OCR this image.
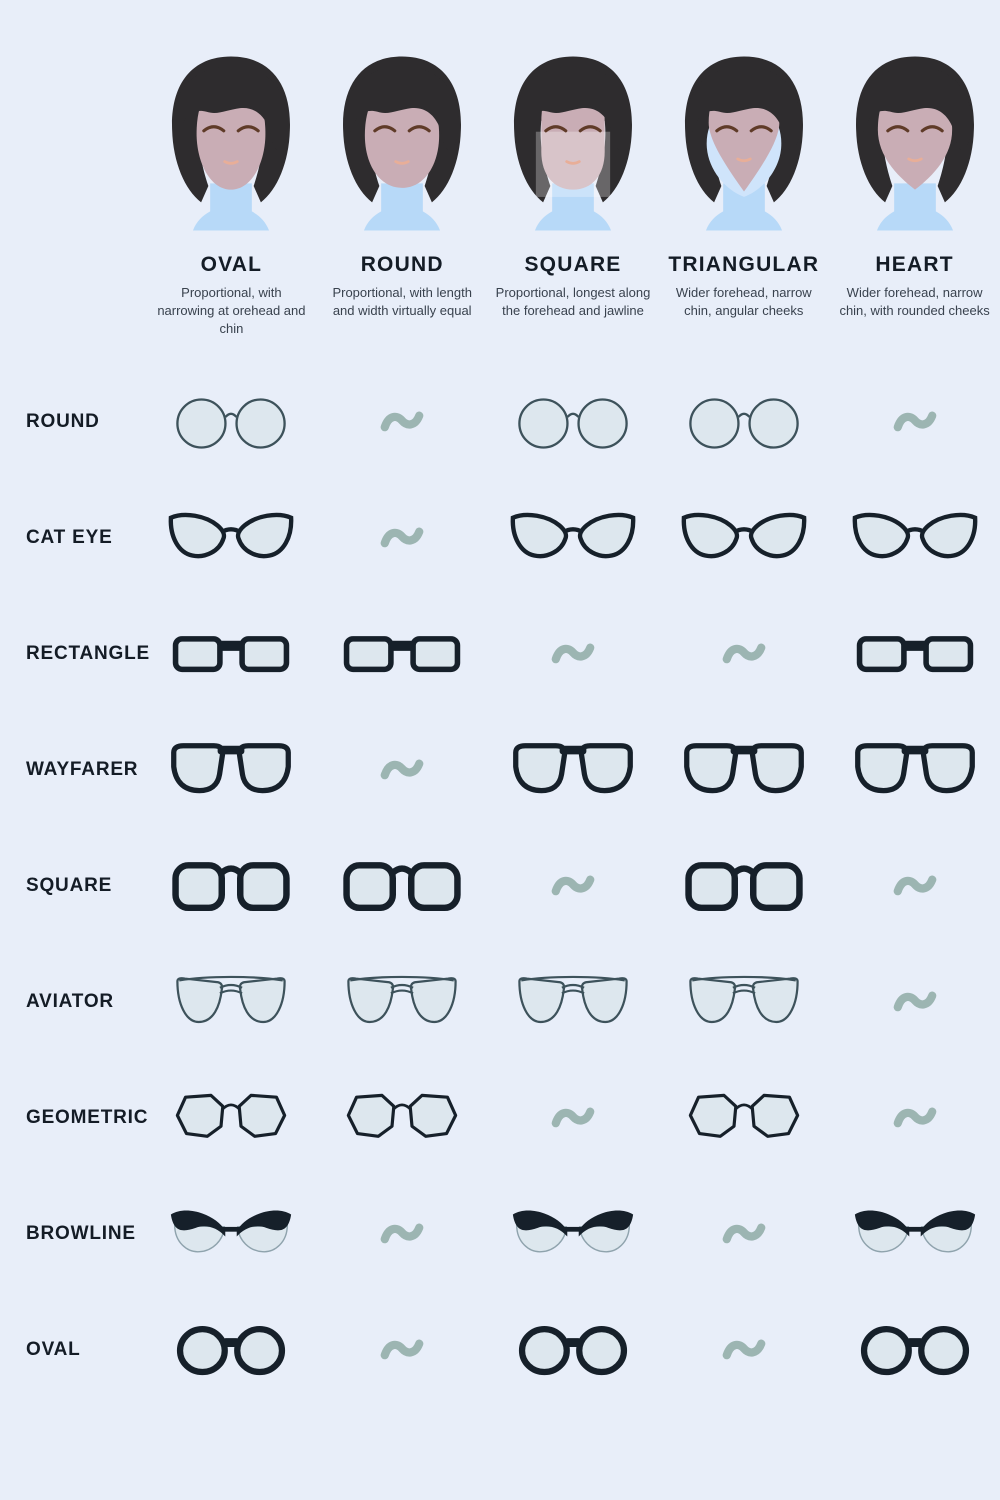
OVAL

Proportional, with narrowing at orehead and chin

ROUND

Proportional, with length and width virtually equal

SQUARE

Proportional, longest along the forehead and jawline

TRIANGULAR

Wider forehead, narrow chin, angular cheeks

HEART

Wider forehead, narrow chin, with rounded cheeks

ROUND
CAT EYE
RECTANGLE
WAYFARER
SQUARE
AVIATOR
GEOMETRIC
BROWLINE
OVAL
